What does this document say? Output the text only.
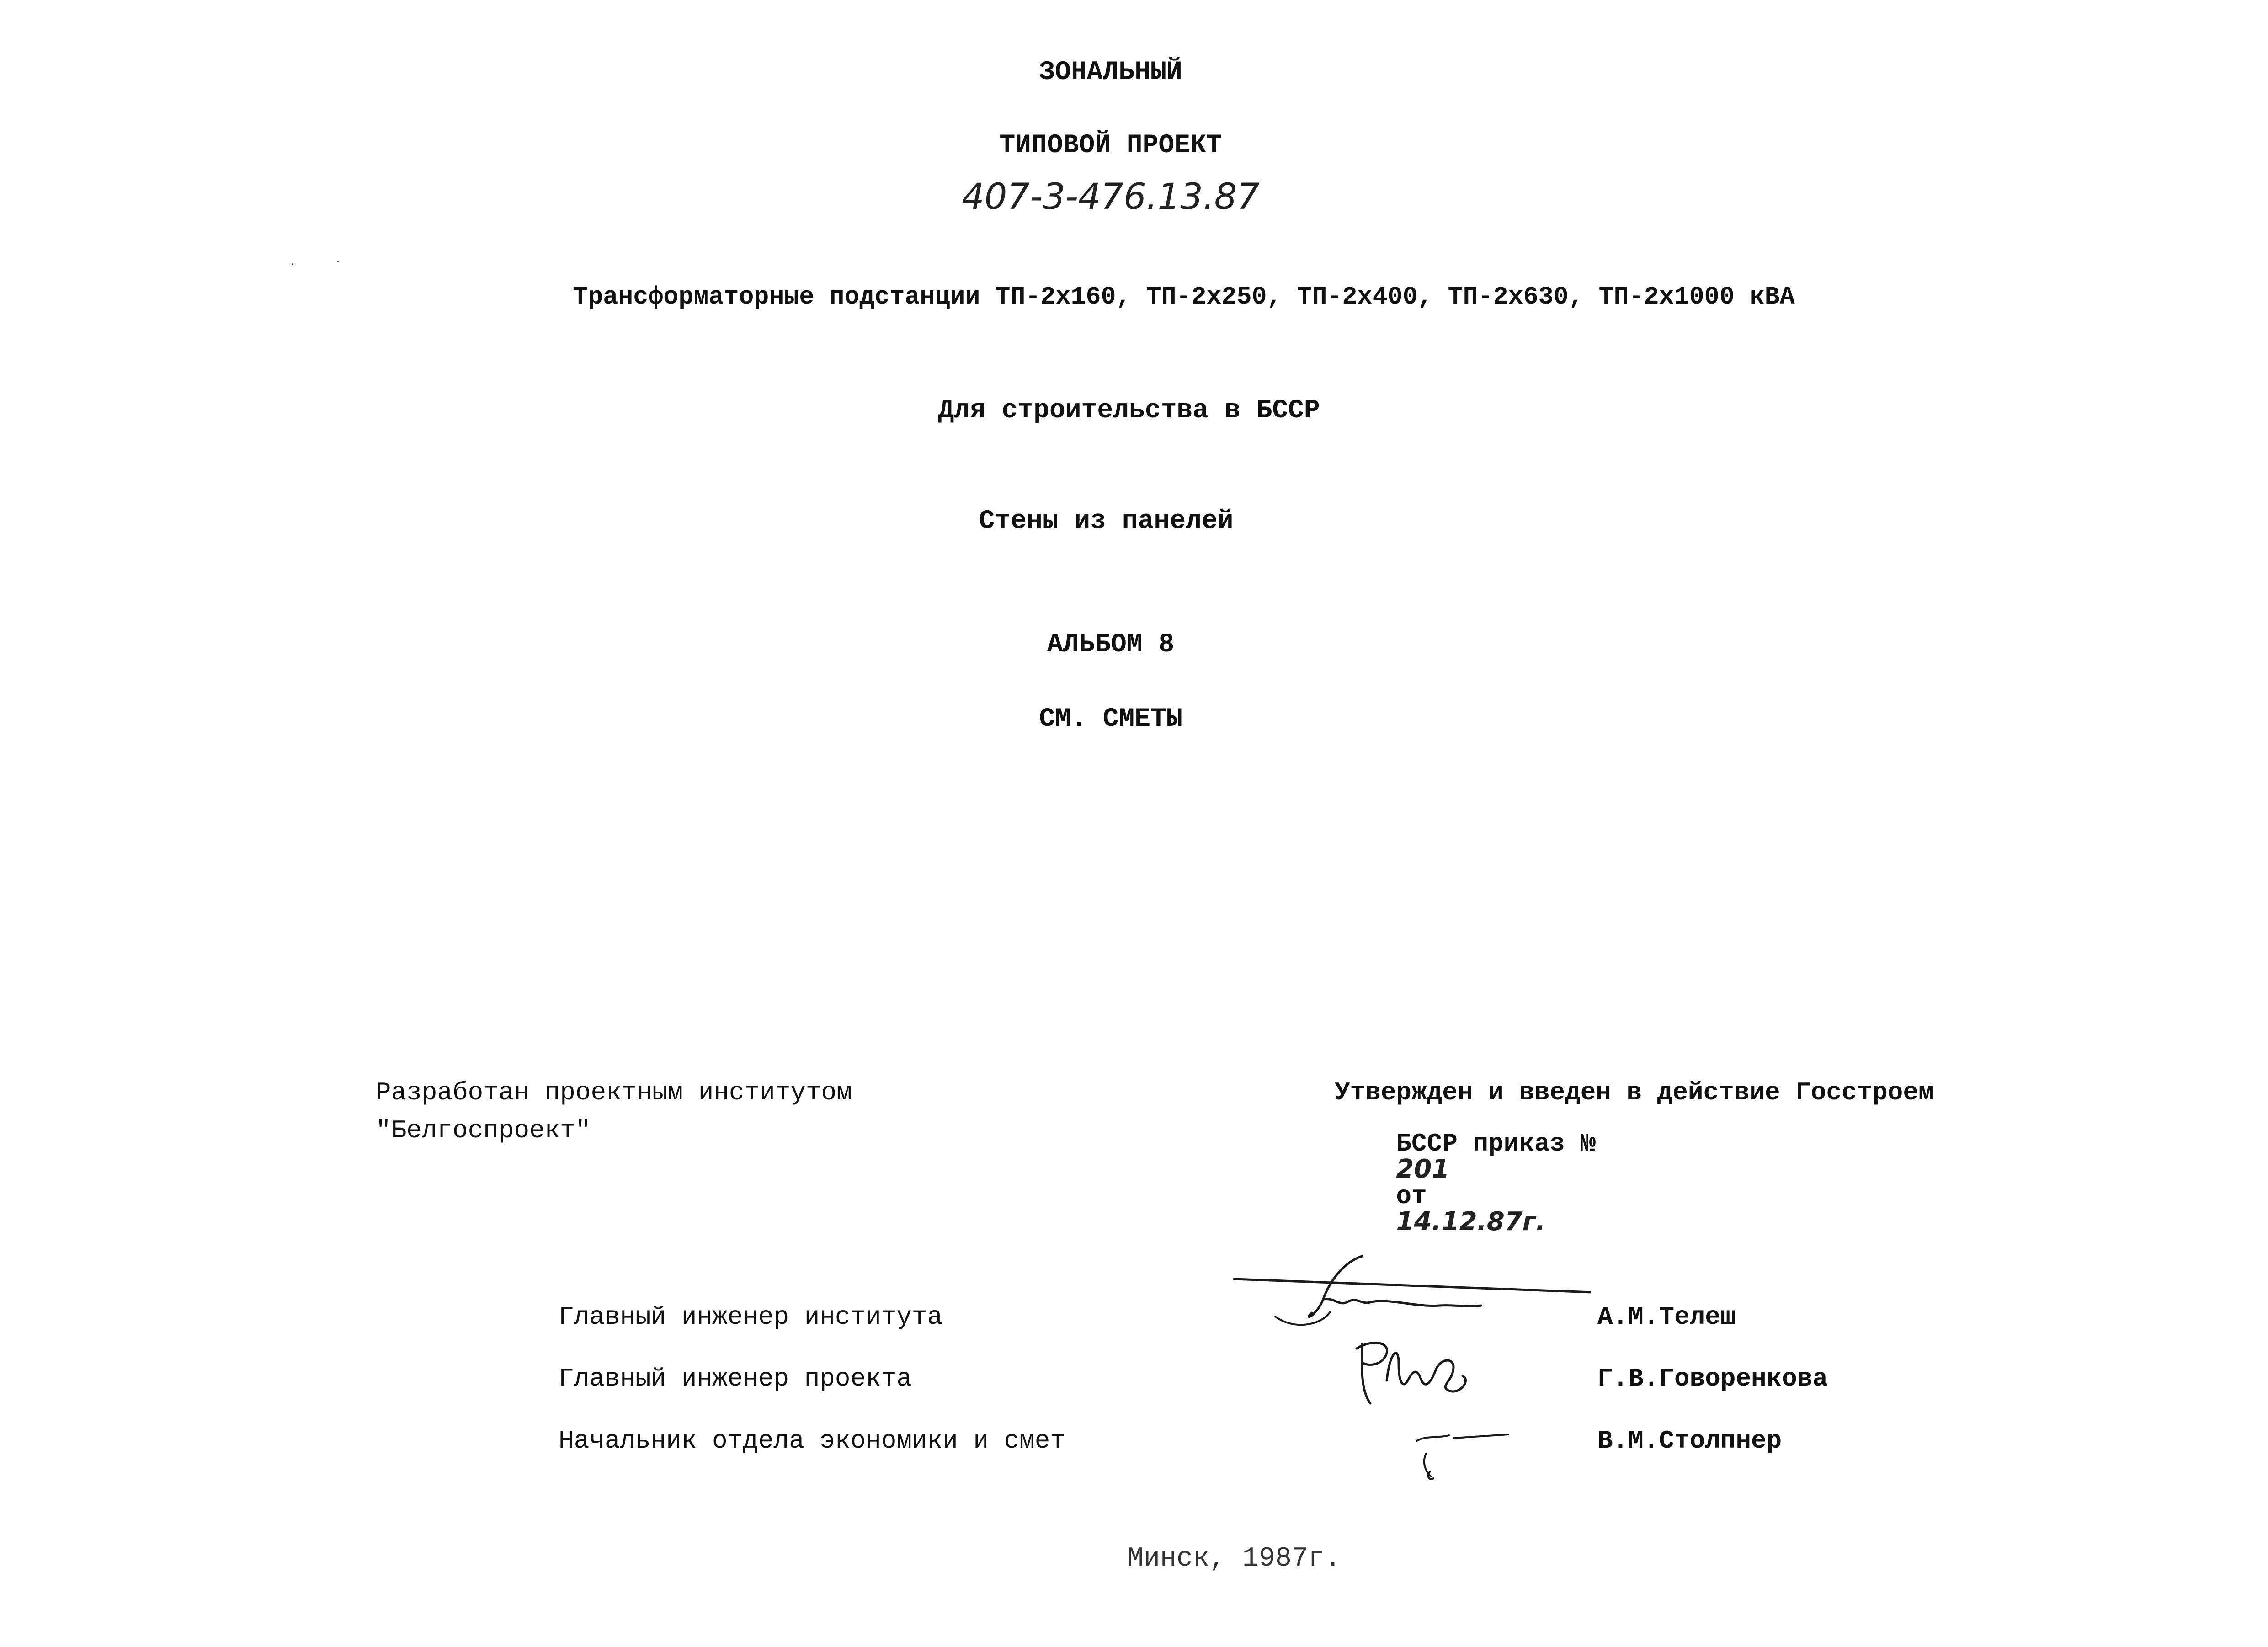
ЗОНАЛЬНЫЙ
ТИПОВОЙ ПРОЕКТ
407-3-476.13.87
Трансформаторные подстанции ТП-2х160, ТП-2х250, ТП-2х400, ТП-2х630, ТП-2х1000 кВА
Для строительства в БССР
Стены из панелей
АЛЬБОМ 8
СМ. СМЕТЫ
Разработан проектным институтом
"Белгоспроект"
Утвержден и введен в действие Госстроем

БССР приказ №
201
от
14.12.87г.

Главный инженер института	А.М.Телеш
Главный инженер проекта	Г.В.Говоренкова
Начальник отдела экономики и смет	В.М.Столпнер
Минск, 1987г.
